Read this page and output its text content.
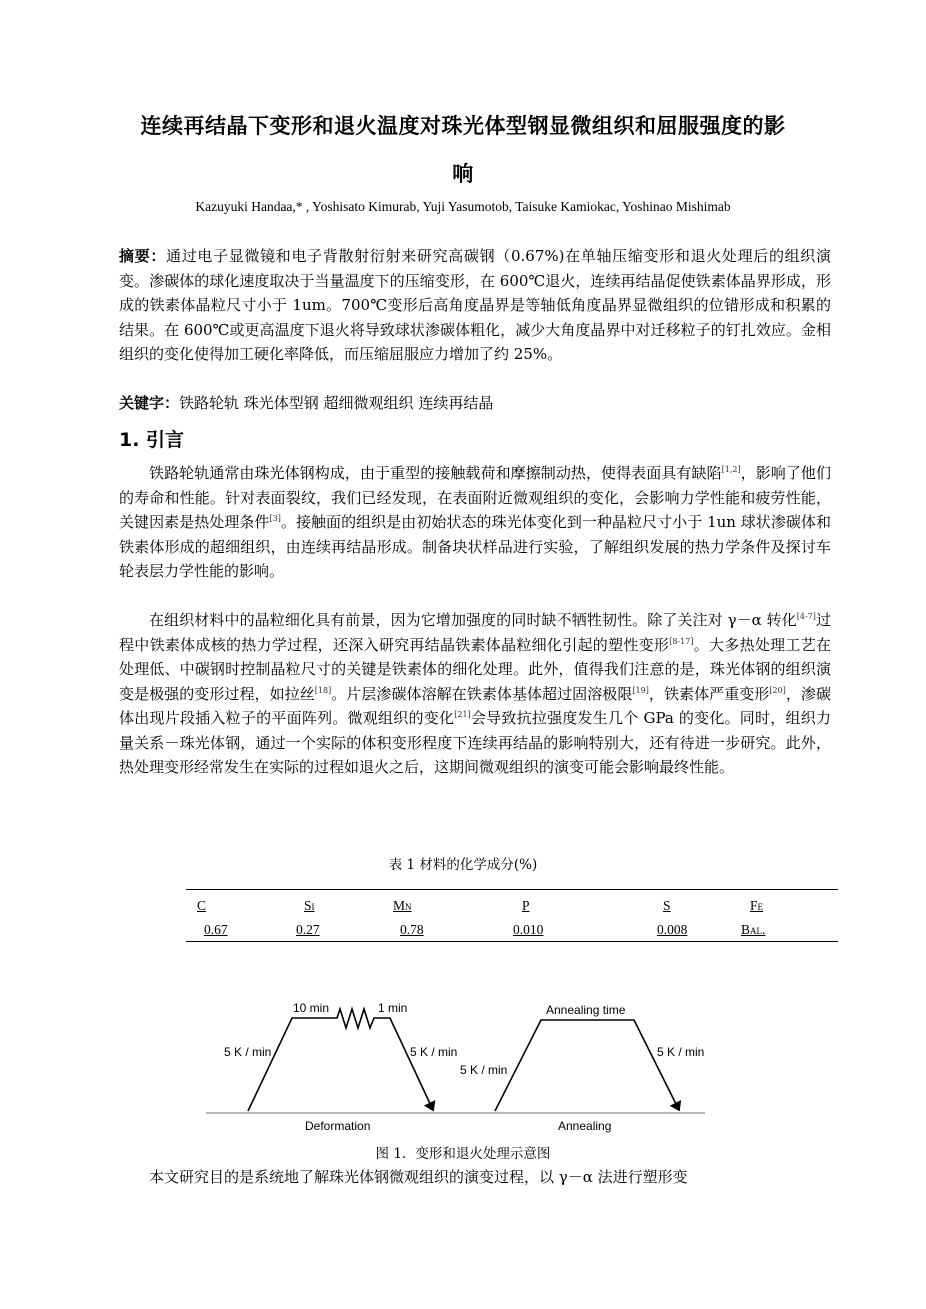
连续再结晶下变形和退火温度对珠光体型钢显微组织和屈服强度的影
响
Kazuyuki Handaa,* , Yoshisato Kimurab, Yuji Yasumotob, Taisuke Kamiokac, Yoshinao Mishimab

摘要：通过电子显微镜和电子背散射衍射来研究高碳钢（0.67%)在单轴压缩变形和退火处理后的组织演变。渗碳体的球化速度取决于当量温度下的压缩变形，在 600℃退火，连续再结晶促使铁素体晶界形成，形成的铁素体晶粒尺寸小于 1um。700℃变形后高角度晶界是等轴低角度晶界显微组织的位错形成和积累的结果。在 600℃或更高温度下退火将导致球状渗碳体粗化，减少大角度晶界中对迁移粒子的钉扎效应。金相组织的变化使得加工硬化率降低，而压缩屈服应力增加了约 25%。

关键字：铁路轮轨 珠光体型钢 超细微观组织 连续再结晶

1. 引言

铁路轮轨通常由珠光体钢构成，由于重型的接触载荷和摩擦制动热，使得表面具有缺陷[1,2]，影响了他们的寿命和性能。针对表面裂纹，我们已经发现，在表面附近微观组织的变化，会影响力学性能和疲劳性能，关键因素是热处理条件[3]。接触面的组织是由初始状态的珠光体变化到一种晶粒尺寸小于 1un 球状渗碳体和铁素体形成的超细组织，由连续再结晶形成。制备块状样品进行实验，了解组织发展的热力学条件及探讨车轮表层力学性能的影响。

在组织材料中的晶粒细化具有前景，因为它增加强度的同时缺不牺牲韧性。除了关注对 γ－α 转化[4-7]过程中铁素体成核的热力学过程，还深入研究再结晶铁素体晶粒细化引起的塑性变形[8-17]。大多热处理工艺在处理低、中碳钢时控制晶粒尺寸的关键是铁素体的细化处理。此外，值得我们注意的是，珠光体钢的组织演变是极强的变形过程，如拉丝[18]。片层渗碳体溶解在铁素体基体超过固溶极限[19]，铁素体严重变形[20]，渗碳体出现片段插入粒子的平面阵列。微观组织的变化[21]会导致抗拉强度发生几个 GPa 的变化。同时，组织力量关系－珠光体钢，通过一个实际的体积变形程度下连续再结晶的影响特别大，还有待进一步研究。此外，热处理变形经常发生在实际的过程如退火之后，这期间微观组织的演变可能会影响最终性能。

表 1 材料的化学成分(%)
C	Si	Mn	P	S	Fe
0.67	0.27	0.78	0.010	0.008	Bal.
10 min	1 min
5 K / min	5 K / min
Annealing time
5 K / min
5 K / min
Deformation	Annealing
图 1．变形和退火处理示意图

本文研究目的是系统地了解珠光体钢微观组织的演变过程，以 γ－α 法进行塑形变
